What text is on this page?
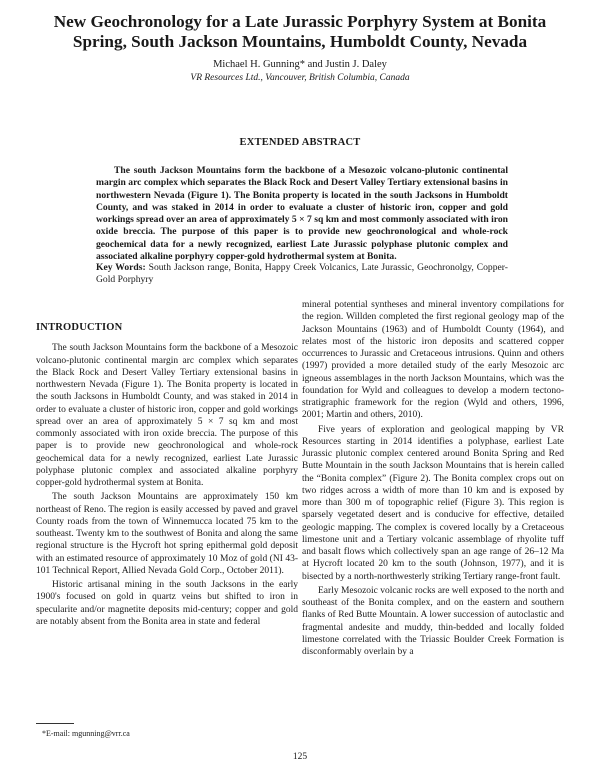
New Geochronology for a Late Jurassic Porphyry System at Bonita Spring, South Jackson Mountains, Humboldt County, Nevada
Michael H. Gunning* and Justin J. Daley
VR Resources Ltd., Vancouver, British Columbia, Canada
EXTENDED ABSTRACT

The south Jackson Mountains form the backbone of a Mesozoic volcano-plutonic continental margin arc complex which separates the Black Rock and Desert Valley Tertiary extensional basins in northwestern Nevada (Figure 1). The Bonita property is located in the south Jacksons in Humboldt County, and was staked in 2014 in order to evaluate a cluster of historic iron, copper and gold workings spread over an area of approximately 5 × 7 sq km and most commonly associated with iron oxide breccia. The purpose of this paper is to provide new geochronological and whole-rock geochemical data for a newly recognized, earliest Late Jurassic polyphase plutonic complex and associated alkaline porphyry copper-gold hydrothermal system at Bonita.

Key Words: South Jackson range, Bonita, Happy Creek Volcanics, Late Jurassic, Geochronolgy, Copper-Gold Porphyry

INTRODUCTION

The south Jackson Mountains form the backbone of a Mesozoic volcano-plutonic continental margin arc complex which separates the Black Rock and Desert Valley Tertiary extensional basins in northwestern Nevada (Figure 1). The Bonita property is located in the south Jacksons in Humboldt County, and was staked in 2014 in order to evaluate a cluster of historic iron, copper and gold workings spread over an area of approximately 5 × 7 sq km and most commonly associated with iron oxide breccia. The purpose of this paper is to provide new geochronological and whole-rock geochemical data for a newly recognized, earliest Late Jurassic polyphase plutonic complex and associated alkaline porphyry copper-gold hydrothermal system at Bonita.

The south Jackson Mountains are approximately 150 km northeast of Reno. The region is easily accessed by paved and gravel County roads from the town of Winnemucca located 75 km to the southeast. Twenty km to the southwest of Bonita and along the same regional structure is the Hycroft hot spring epithermal gold deposit with an estimated resource of approximately 10 Moz of gold (NI 43-101 Technical Report, Allied Nevada Gold Corp., October 2011).

Historic artisanal mining in the south Jacksons in the early 1900's focused on gold in quartz veins but shifted to iron in specularite and/or magnetite deposits mid-century; copper and gold are notably absent from the Bonita area in state and federal

mineral potential syntheses and mineral inventory compilations for the region. Willden completed the first regional geology map of the Jackson Mountains (1963) and of Humboldt County (1964), and relates most of the historic iron deposits and scattered copper occurrences to Jurassic and Cretaceous intrusions. Quinn and others (1997) provided a more detailed study of the early Mesozoic arc igneous assemblages in the north Jackson Mountains, which was the foundation for Wyld and colleagues to develop a modern tectono-stratigraphic framework for the region (Wyld and others, 1996, 2001; Martin and others, 2010).

Five years of exploration and geological mapping by VR Resources starting in 2014 identifies a polyphase, earliest Late Jurassic plutonic complex centered around Bonita Spring and Red Butte Mountain in the south Jackson Mountains that is herein called the “Bonita complex” (Figure 2). The Bonita complex crops out on two ridges across a width of more than 10 km and is exposed by more than 300 m of topographic relief (Figure 3). This region is sparsely vegetated desert and is conducive for effective, detailed geologic mapping. The complex is covered locally by a Cretaceous limestone unit and a Tertiary volcanic assemblage of rhyolite tuff and basalt flows which collectively span an age range of 26–12 Ma at Hycroft located 20 km to the south (Johnson, 1977), and it is bisected by a north-northwesterly striking Tertiary range-front fault.

Early Mesozoic volcanic rocks are well exposed to the north and southeast of the Bonita complex, and on the eastern and southern flanks of Red Butte Mountain. A lower succession of autoclastic and fragmental andesite and muddy, thin-bedded and locally folded limestone correlated with the Triassic Boulder Creek Formation is disconformably overlain by a

*E-mail: mgunning@vrr.ca
125
